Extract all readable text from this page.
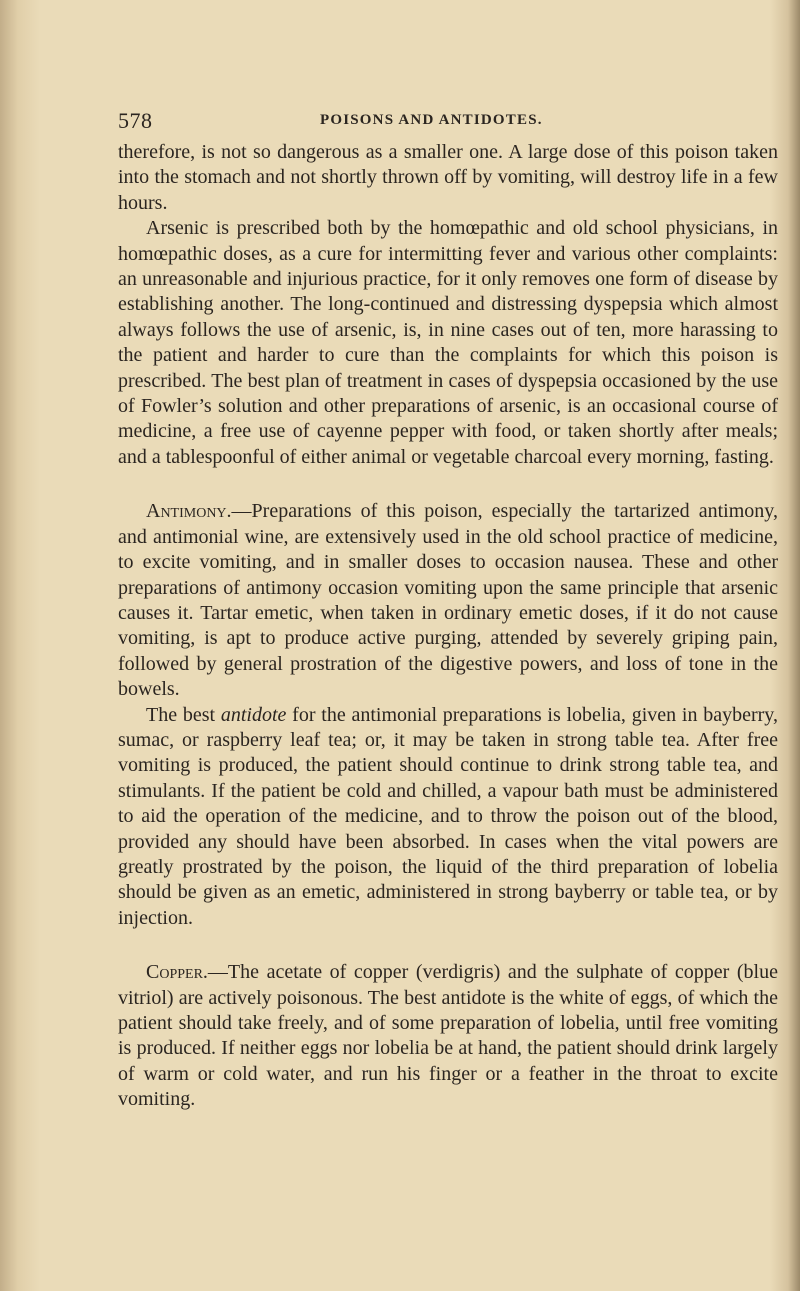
578	POISONS AND ANTIDOTES.

therefore, is not so dangerous as a smaller one. A large dose of this poison taken into the stomach and not shortly thrown off by vomiting, will destroy life in a few hours.

Arsenic is prescribed both by the homœpathic and old school physicians, in homœpathic doses, as a cure for intermitting fever and various other complaints: an unreasonable and injurious practice, for it only removes one form of disease by establishing another. The long-continued and distressing dyspepsia which almost always follows the use of arsenic, is, in nine cases out of ten, more harassing to the patient and harder to cure than the complaints for which this poison is prescribed. The best plan of treatment in cases of dyspepsia occasioned by the use of Fowler’s solution and other preparations of arsenic, is an occasional course of medicine, a free use of cayenne pepper with food, or taken shortly after meals; and a tablespoonful of either animal or vegetable charcoal every morning, fasting.

Antimony.—Preparations of this poison, especially the tartarized antimony, and antimonial wine, are extensively used in the old school practice of medicine, to excite vomiting, and in smaller doses to occasion nausea. These and other preparations of antimony occasion vomiting upon the same principle that arsenic causes it. Tartar emetic, when taken in ordinary emetic doses, if it do not cause vomiting, is apt to produce active purging, attended by severely griping pain, followed by general prostration of the digestive powers, and loss of tone in the bowels.

The best antidote for the antimonial preparations is lobelia, given in bayberry, sumac, or raspberry leaf tea; or, it may be taken in strong table tea. After free vomiting is produced, the patient should continue to drink strong table tea, and stimulants. If the patient be cold and chilled, a vapour bath must be administered to aid the operation of the medicine, and to throw the poison out of the blood, provided any should have been absorbed. In cases when the vital powers are greatly prostrated by the poison, the liquid of the third preparation of lobelia should be given as an emetic, administered in strong bayberry or table tea, or by injection.

Copper.—The acetate of copper (verdigris) and the sulphate of copper (blue vitriol) are actively poisonous. The best antidote is the white of eggs, of which the patient should take freely, and of some preparation of lobelia, until free vomiting is produced. If neither eggs nor lobelia be at hand, the patient should drink largely of warm or cold water, and run his finger or a feather in the throat to excite vomiting.
